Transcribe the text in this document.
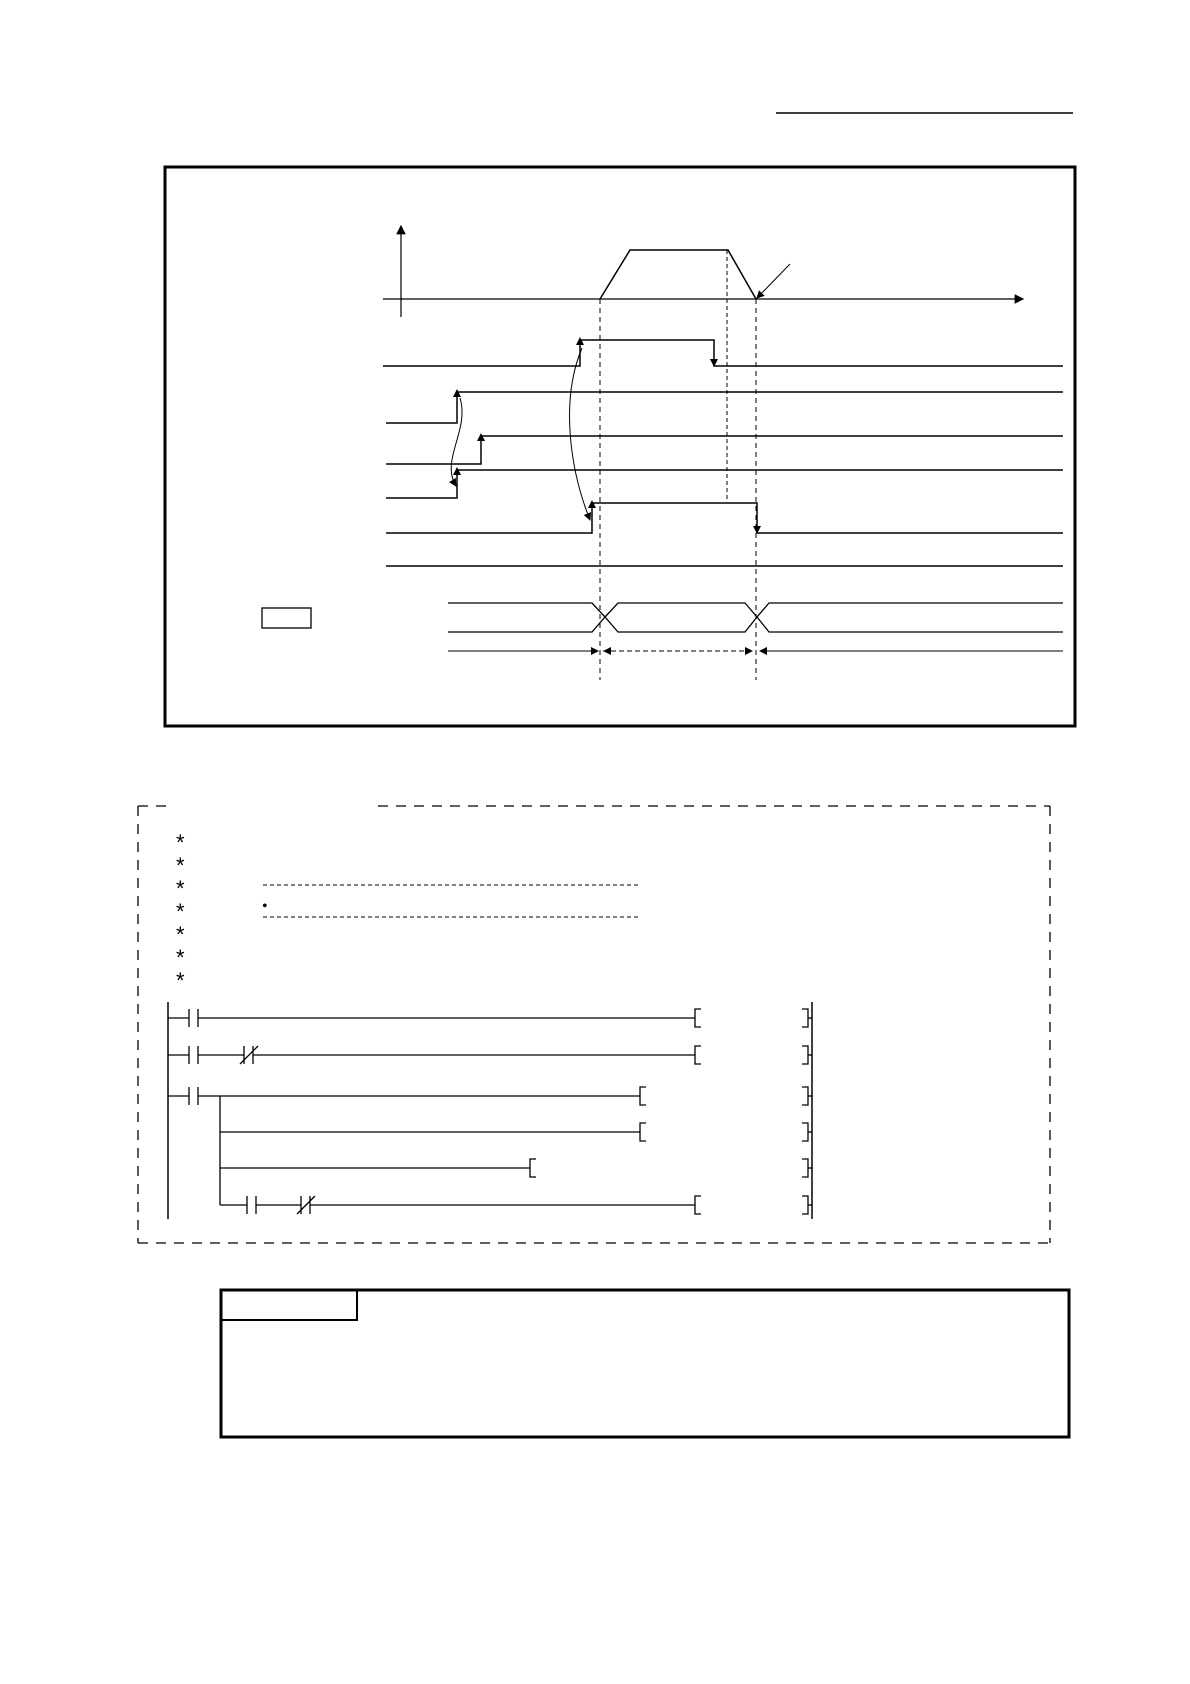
*
*
*
*
*
*
*
•
